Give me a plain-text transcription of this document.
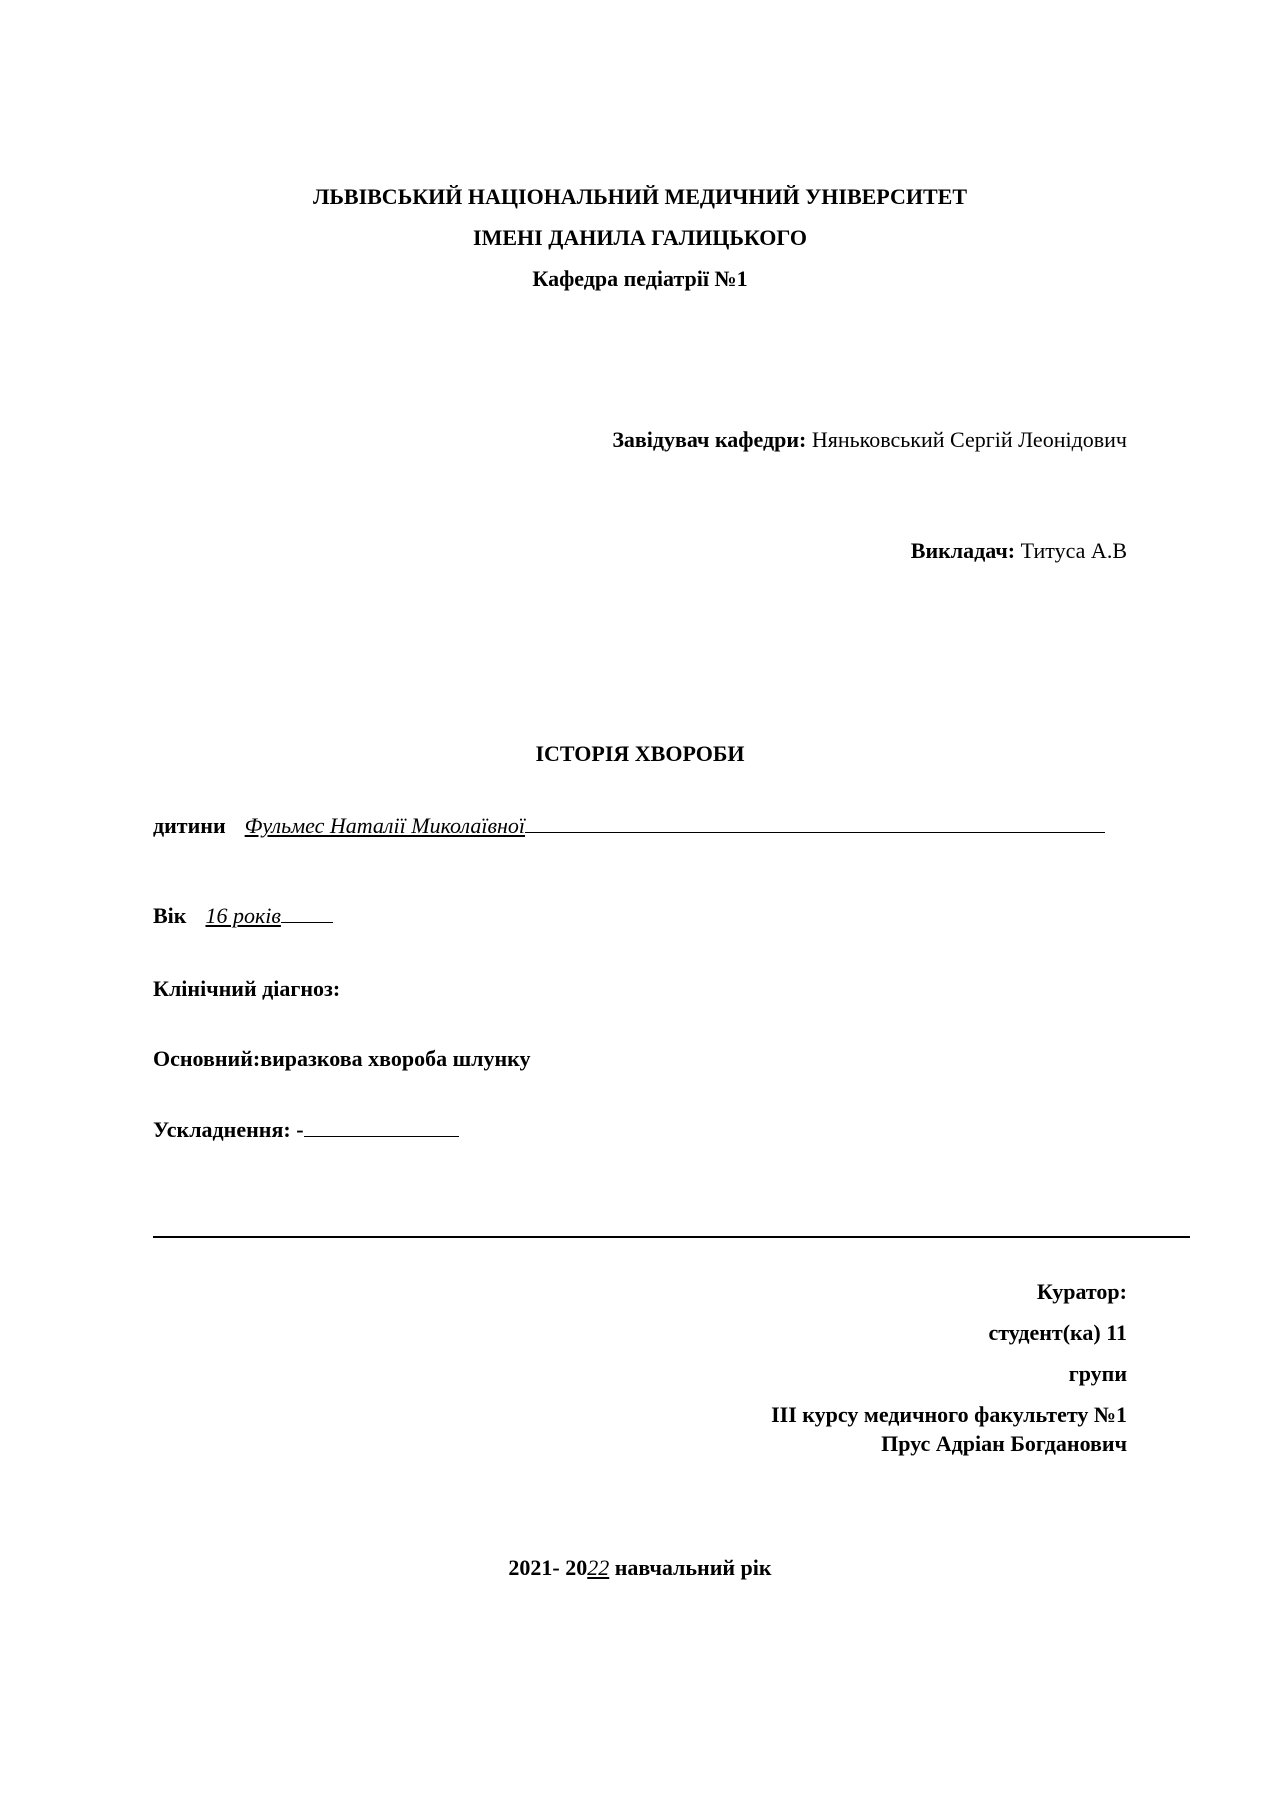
ЛЬВІВСЬКИЙ НАЦІОНАЛЬНИЙ МЕДИЧНИЙ УНІВЕРСИТЕТ
ІМЕНІ ДАНИЛА ГАЛИЦЬКОГО
Кафедра педіатрії №1
Завідувач кафедри: Няньковський Сергій Леонідович
Викладач: Титуса А.В
ІСТОРІЯ ХВОРОБИ
дитини Фульмес Наталії Миколаївної
Вік 16 років
Клінічний діагноз:
Основний:виразкова хвороба шлунку
Ускладнення: -
Куратор:
студент(ка) 11
групи
ІІІ курсу медичного факультету №1
Прус Адріан Богданович
2021- 2022 навчальний рік
